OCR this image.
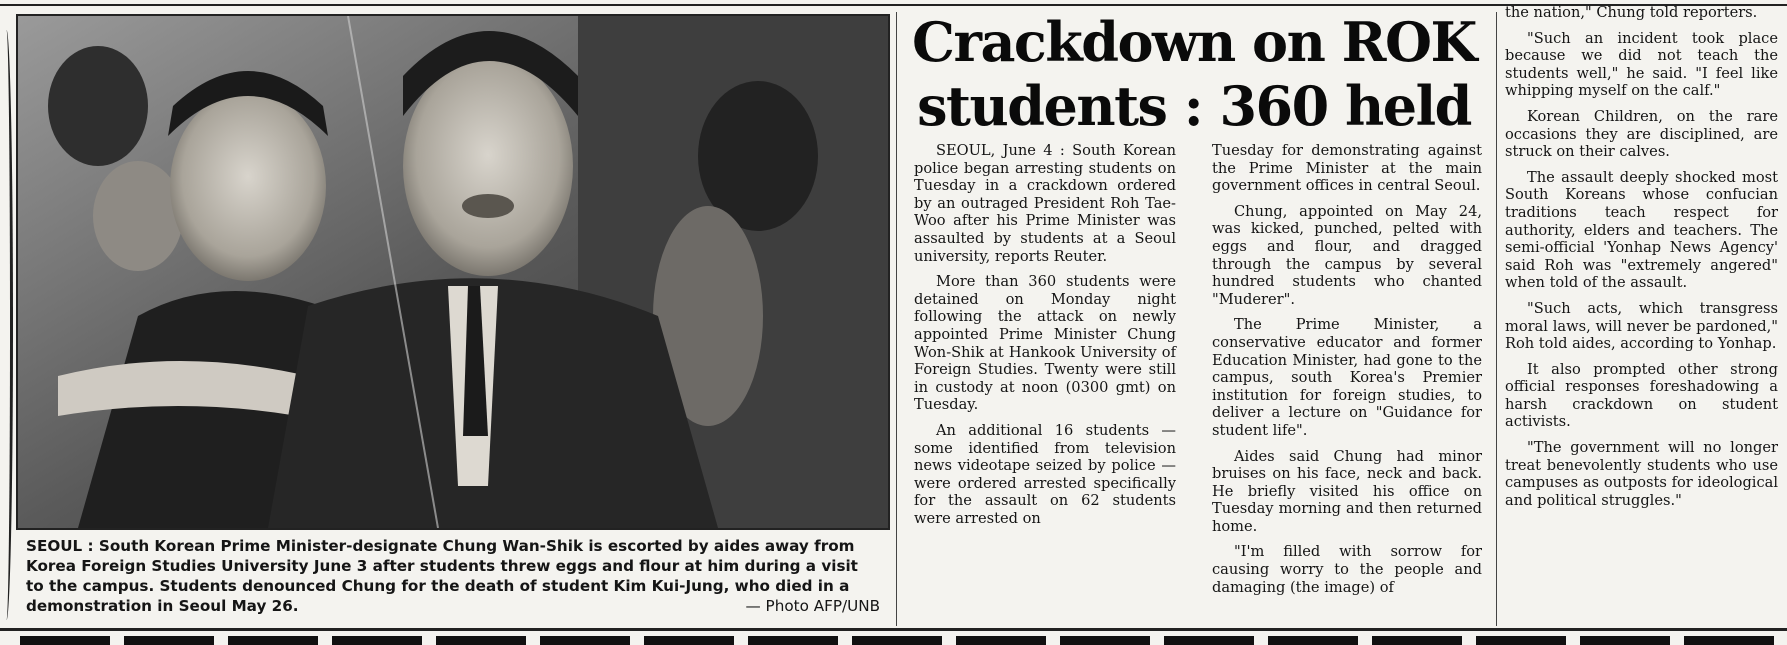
SEOUL : South Korean Prime Minister-designate Chung Wan-Shik is escorted by aides away from Korea Foreign Studies University June 3 after students threw eggs and flour at him during a visit to the campus. Students denounced Chung for the death of student Kim Kui-Jung, who died in a demonstration in Seoul May 26.	— Photo AFP/UNB
Crackdown on ROK
students : 360 held

SEOUL, June 4 : South Korean police began arresting students on Tuesday in a crackdown ordered by an outraged President Roh Tae-Woo after his Prime Minister was assaulted by students at a Seoul university, reports Reuter.

More than 360 students were detained on Monday night following the attack on newly appointed Prime Minister Chung Won-Shik at Hankook University of Foreign Studies. Twenty were still in custody at noon (0300 gmt) on Tuesday.

An additional 16 students — some identified from television news videotape seized by police — were ordered arrested specifically for the assault on 62 students were arrested on

Tuesday for demonstrating against the Prime Minister at the main government offices in central Seoul.

Chung, appointed on May 24, was kicked, punched, pelted with eggs and flour, and dragged through the campus by several hundred students who chanted "Muderer".

The Prime Minister, a conservative educator and former Education Minister, had gone to the campus, south Korea's Premier institution for foreign studies, to deliver a lecture on "Guidance for student life".

Aides said Chung had minor bruises on his face, neck and back. He briefly visited his office on Tuesday morning and then returned home.

"I'm filled with sorrow for causing worry to the people and damaging (the image) of

the nation," Chung told reporters.

"Such an incident took place because we did not teach the students well," he said. "I feel like whipping myself on the calf."

Korean Children, on the rare occasions they are disciplined, are struck on their calves.

The assault deeply shocked most South Koreans whose confucian traditions teach respect for authority, elders and teachers. The semi-official 'Yonhap News Agency' said Roh was "extremely angered" when told of the assault.

"Such acts, which transgress moral laws, will never be pardoned," Roh told aides, according to Yonhap.

It also prompted other strong official responses foreshadowing a harsh crackdown on student activists.

"The government will no longer treat benevolently students who use campuses as outposts for ideological and political struggles."
